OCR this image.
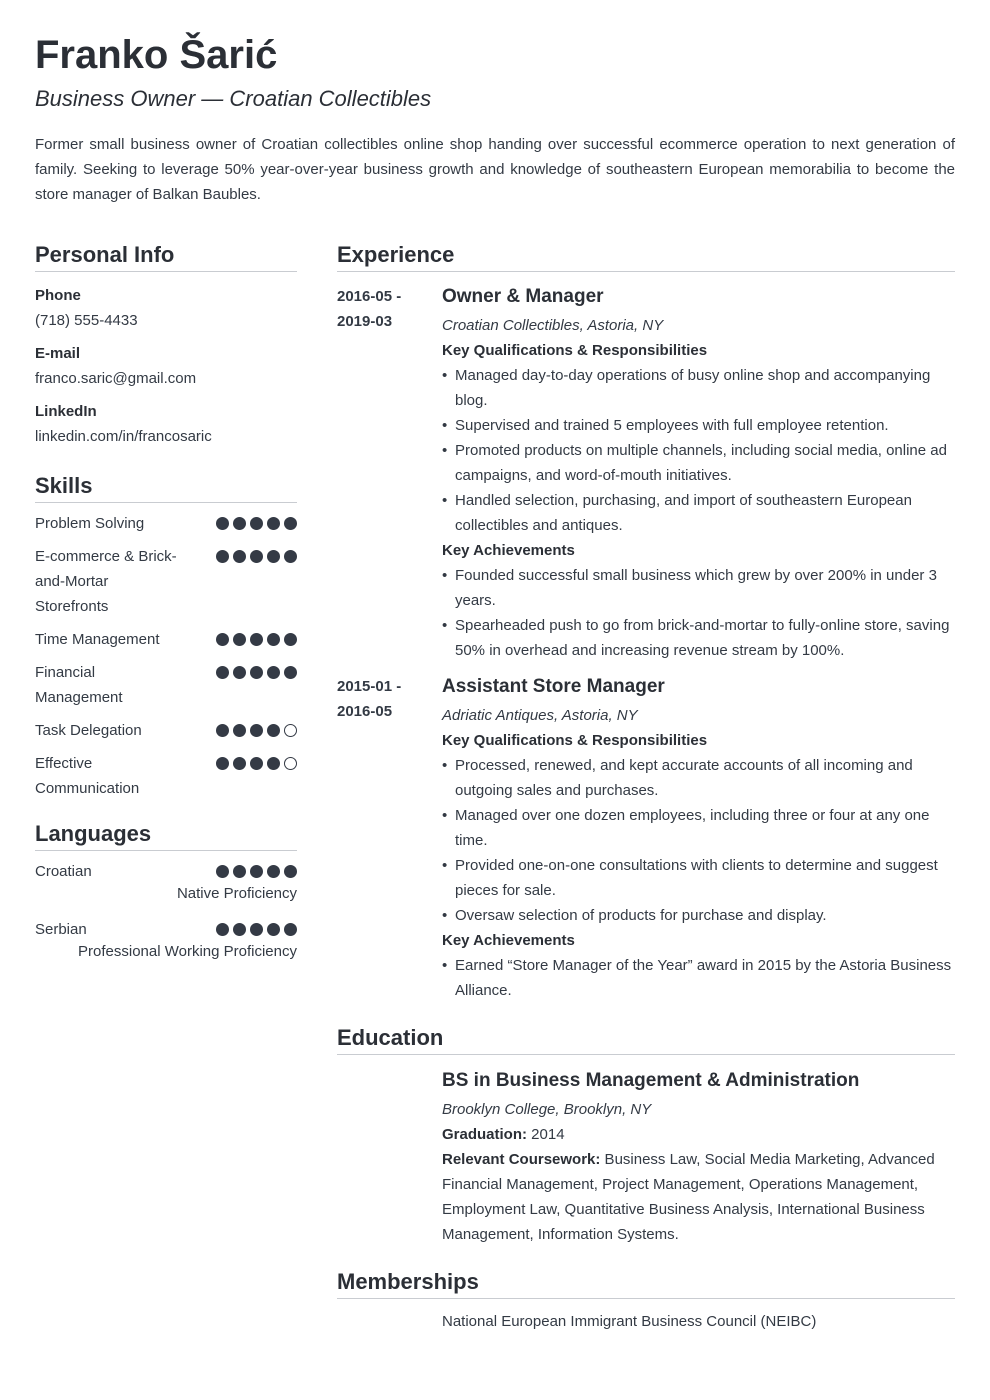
Franko Šarić
Business Owner — Croatian Collectibles
Former small business owner of Croatian collectibles online shop handing over successful ecommerce operation to next generation of family. Seeking to leverage 50% year-over-year business growth and knowledge of southeastern European memorabilia to become the store manager of Balkan Baubles.
Personal Info
Phone
(718) 555-4433
E-mail
franco.saric@gmail.com
LinkedIn
linkedin.com/in/francosaric
Skills
Problem Solving
E-commerce & Brick-and-Mortar Storefronts
Time Management
Financial Management
Task Delegation
Effective Communication
Languages
Croatian
Native Proficiency
Serbian
Professional Working Proficiency
Experience
2016-05 -
2019-03
Owner & Manager
Croatian Collectibles, Astoria, NY
Key Qualifications & Responsibilities
• Managed day-to-day operations of busy online shop and accompanying blog.
• Supervised and trained 5 employees with full employee retention.
• Promoted products on multiple channels, including social media, online ad campaigns, and word-of-mouth initiatives.
• Handled selection, purchasing, and import of southeastern European collectibles and antiques.
Key Achievements
• Founded successful small business which grew by over 200% in under 3 years.
• Spearheaded push to go from brick-and-mortar to fully-online store, saving 50% in overhead and increasing revenue stream by 100%.
2015-01 -
2016-05
Assistant Store Manager
Adriatic Antiques, Astoria, NY
Key Qualifications & Responsibilities
• Processed, renewed, and kept accurate accounts of all incoming and outgoing sales and purchases.
• Managed over one dozen employees, including three or four at any one time.
• Provided one-on-one consultations with clients to determine and suggest pieces for sale.
• Oversaw selection of products for purchase and display.
Key Achievements
• Earned “Store Manager of the Year” award in 2015 by the Astoria Business Alliance.
Education
BS in Business Management & Administration
Brooklyn College, Brooklyn, NY
Graduation: 2014
Relevant Coursework: Business Law, Social Media Marketing, Advanced Financial Management, Project Management, Operations Management, Employment Law, Quantitative Business Analysis, International Business Management, Information Systems.
Memberships
National European Immigrant Business Council (NEIBC)
